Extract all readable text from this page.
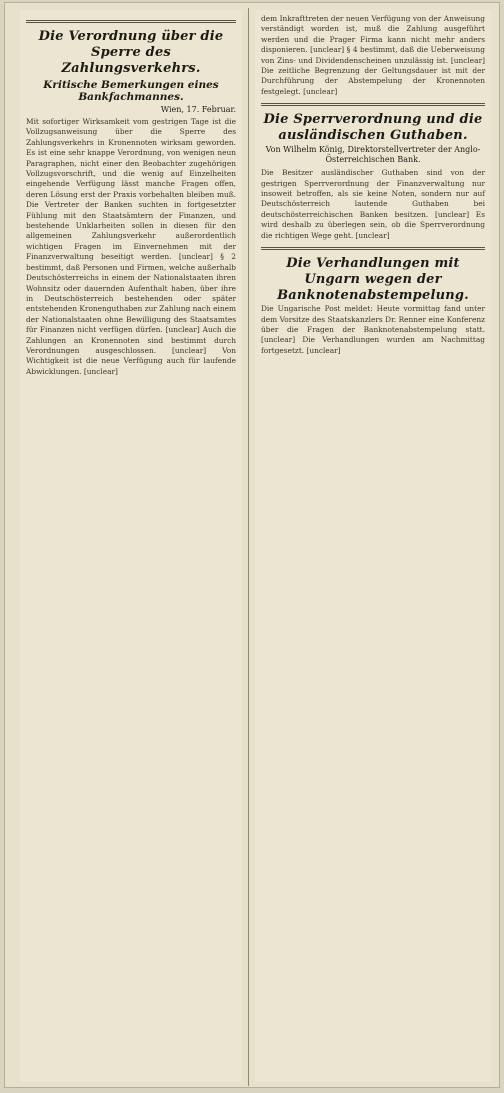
Die Verordnung über die Sperre des Zahlungsverkehrs.
Kritische Bemerkungen eines Bankfachmannes.
Wien, 17. Februar.

Mit sofortiger Wirksamkeit vom gestrigen Tage ist die Vollzugsanweisung über die Sperre des Zahlungsverkehrs in Kronennoten wirksam geworden. Es ist eine sehr knappe Verordnung, von wenigen neun Paragraphen, nicht einer den Beobachter zugehörigen Vollzugsvorschrift, und die wenig auf Einzelheiten eingehende Verfügung lässt manche Fragen offen, deren Lösung erst der Praxis vorbehalten bleiben muß. Die Vertreter der Banken suchten in fortgesetzter Fühlung mit den Staatsämtern der Finanzen, und bestehende Unklarheiten sollen in diesen für den allgemeinen Zahlungsverkehr außerordentlich wichtigen Fragen im Einvernehmen mit der Finanzverwaltung beseitigt werden. [unclear] § 2 bestimmt, daß Personen und Firmen, welche außerhalb Deutschösterreichs in einem der Nationalstaaten ihren Wohnsitz oder dauernden Aufenthalt haben, über ihre in Deutschösterreich bestehenden oder später entstehenden Kronenguthaben zur Zahlung nach einem der Nationalstaaten ohne Bewilligung des Staatsamtes für Finanzen nicht verfügen dürfen. [unclear] Auch die Zahlungen an Kronennoten sind bestimmt durch Verordnungen ausgeschlossen. [unclear] Von Wichtigkeit ist die neue Verfügung auch für laufende Abwicklungen. [unclear]

dem Inkrafttreten der neuen Verfügung von der Anweisung verständigt worden ist, muß die Zahlung ausgeführt werden und die Prager Firma kann nicht mehr anders disponieren. [unclear] § 4 bestimmt, daß die Ueberweisung von Zins- und Dividendenscheinen unzulässig ist. [unclear] Die zeitliche Begrenzung der Geltungsdauer ist mit der Durchführung der Abstempelung der Kronennoten festgelegt. [unclear]

Die Sperrverordnung und die ausländischen Guthaben.
Von Wilhelm König, Direktorstellvertreter der Anglo-Österreichischen Bank.

Die Besitzer ausländischer Guthaben sind von der gestrigen Sperrverordnung der Finanzverwaltung nur insoweit betroffen, als sie keine Noten, sondern nur auf Deutschösterreich lautende Guthaben bei deutschösterreichischen Banken besitzen. [unclear] Es wird deshalb zu überlegen sein, ob die Sperrverordnung die richtigen Wege geht. [unclear]

Die Verhandlungen mit Ungarn wegen der Banknotenabstempelung.

Die Ungarische Post meldet: Heute vormittag fand unter dem Vorsitze des Staatskanzlers Dr. Renner eine Konferenz über die Fragen der Banknotenabstempelung statt. [unclear] Die Verhandlungen wurden am Nachmittag fortgesetzt. [unclear]
